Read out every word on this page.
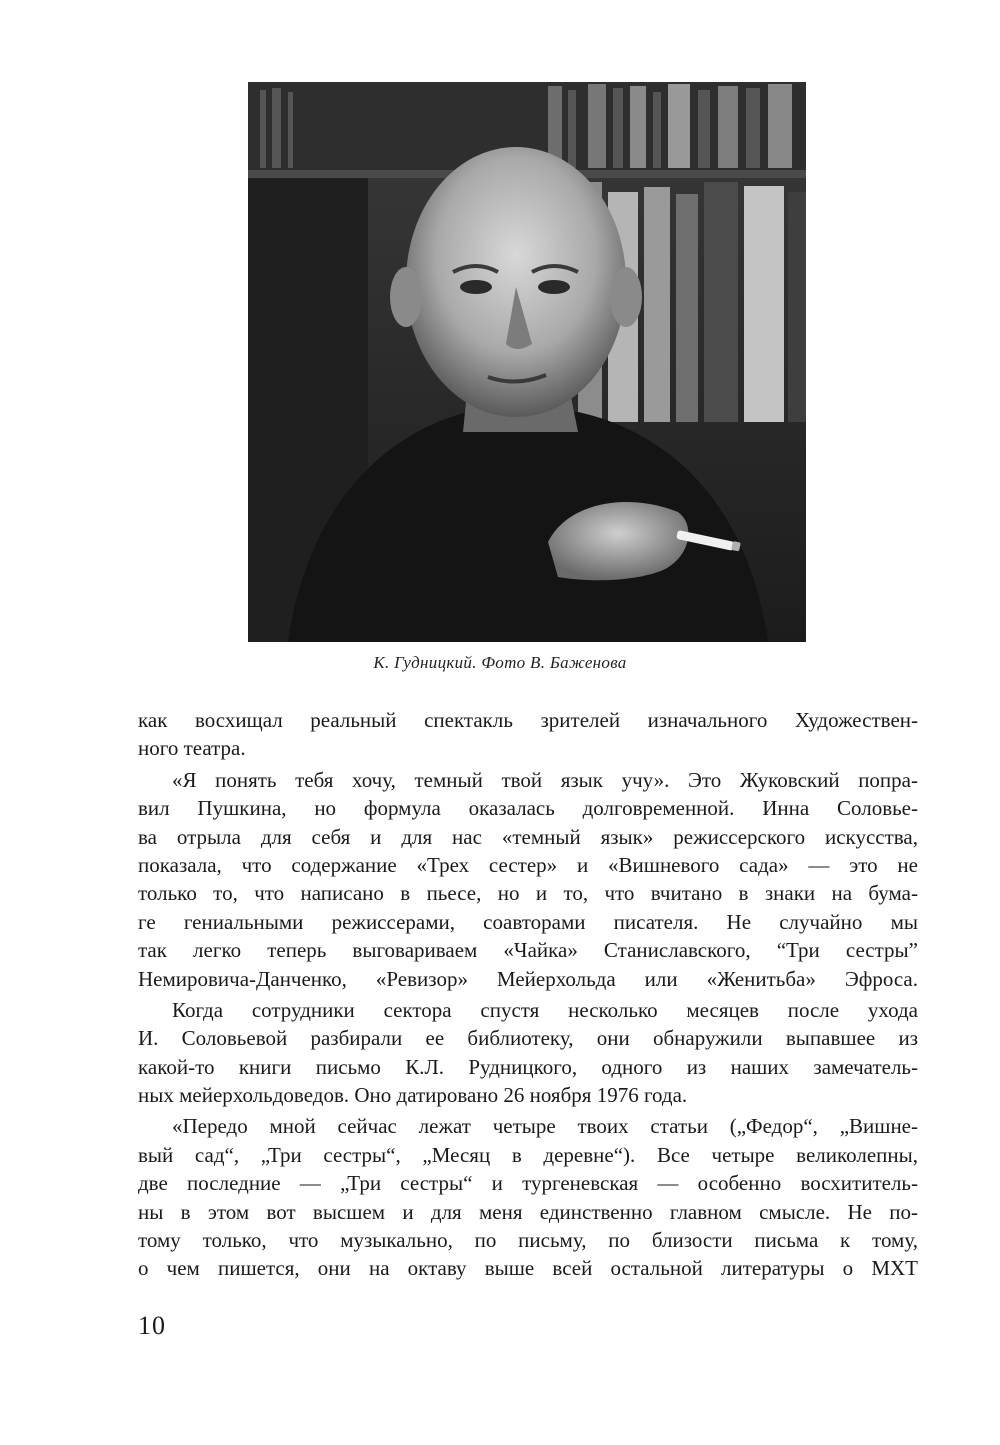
К. Гудницкий. Фото В. Баженова
как восхищал реальный спектакль зрителей изначального Художествен-
ного театра.
«Я понять тебя хочу, темный твой язык учу». Это Жуковский попра-
вил Пушкина, но формула оказалась долговременной. Инна Соловье-
ва отрыла для себя и для нас «темный язык» режиссерского искусства,
показала, что содержание «Трех сестер» и «Вишневого сада» — это не
только то, что написано в пьесе, но и то, что вчитано в знаки на бума-
ге гениальными режиссерами, соавторами писателя. Не случайно мы
так легко теперь выговариваем «Чайка» Станиславского, “Три сестры”
Немировича-Данченко, «Ревизор» Мейерхольда или «Женитьба» Эфроса.
Когда сотрудники сектора спустя несколько месяцев после ухода
И. Соловьевой разбирали ее библиотеку, они обнаружили выпавшее из
какой-то книги письмо К.Л. Рудницкого, одного из наших замечатель-
ных мейерхольдоведов. Оно датировано 26 ноября 1976 года.
«Передо мной сейчас лежат четыре твоих статьи („Федор“, „Вишне-
вый сад“, „Три сестры“, „Месяц в деревне“). Все четыре великолепны,
две последние — „Три сестры“ и тургеневская — особенно восхититель-
ны в этом вот высшем и для меня единственно главном смысле. Не по-
тому только, что музыкально, по письму, по близости письма к тому,
о чем пишется, они на октаву выше всей остальной литературы о МХТ
10
